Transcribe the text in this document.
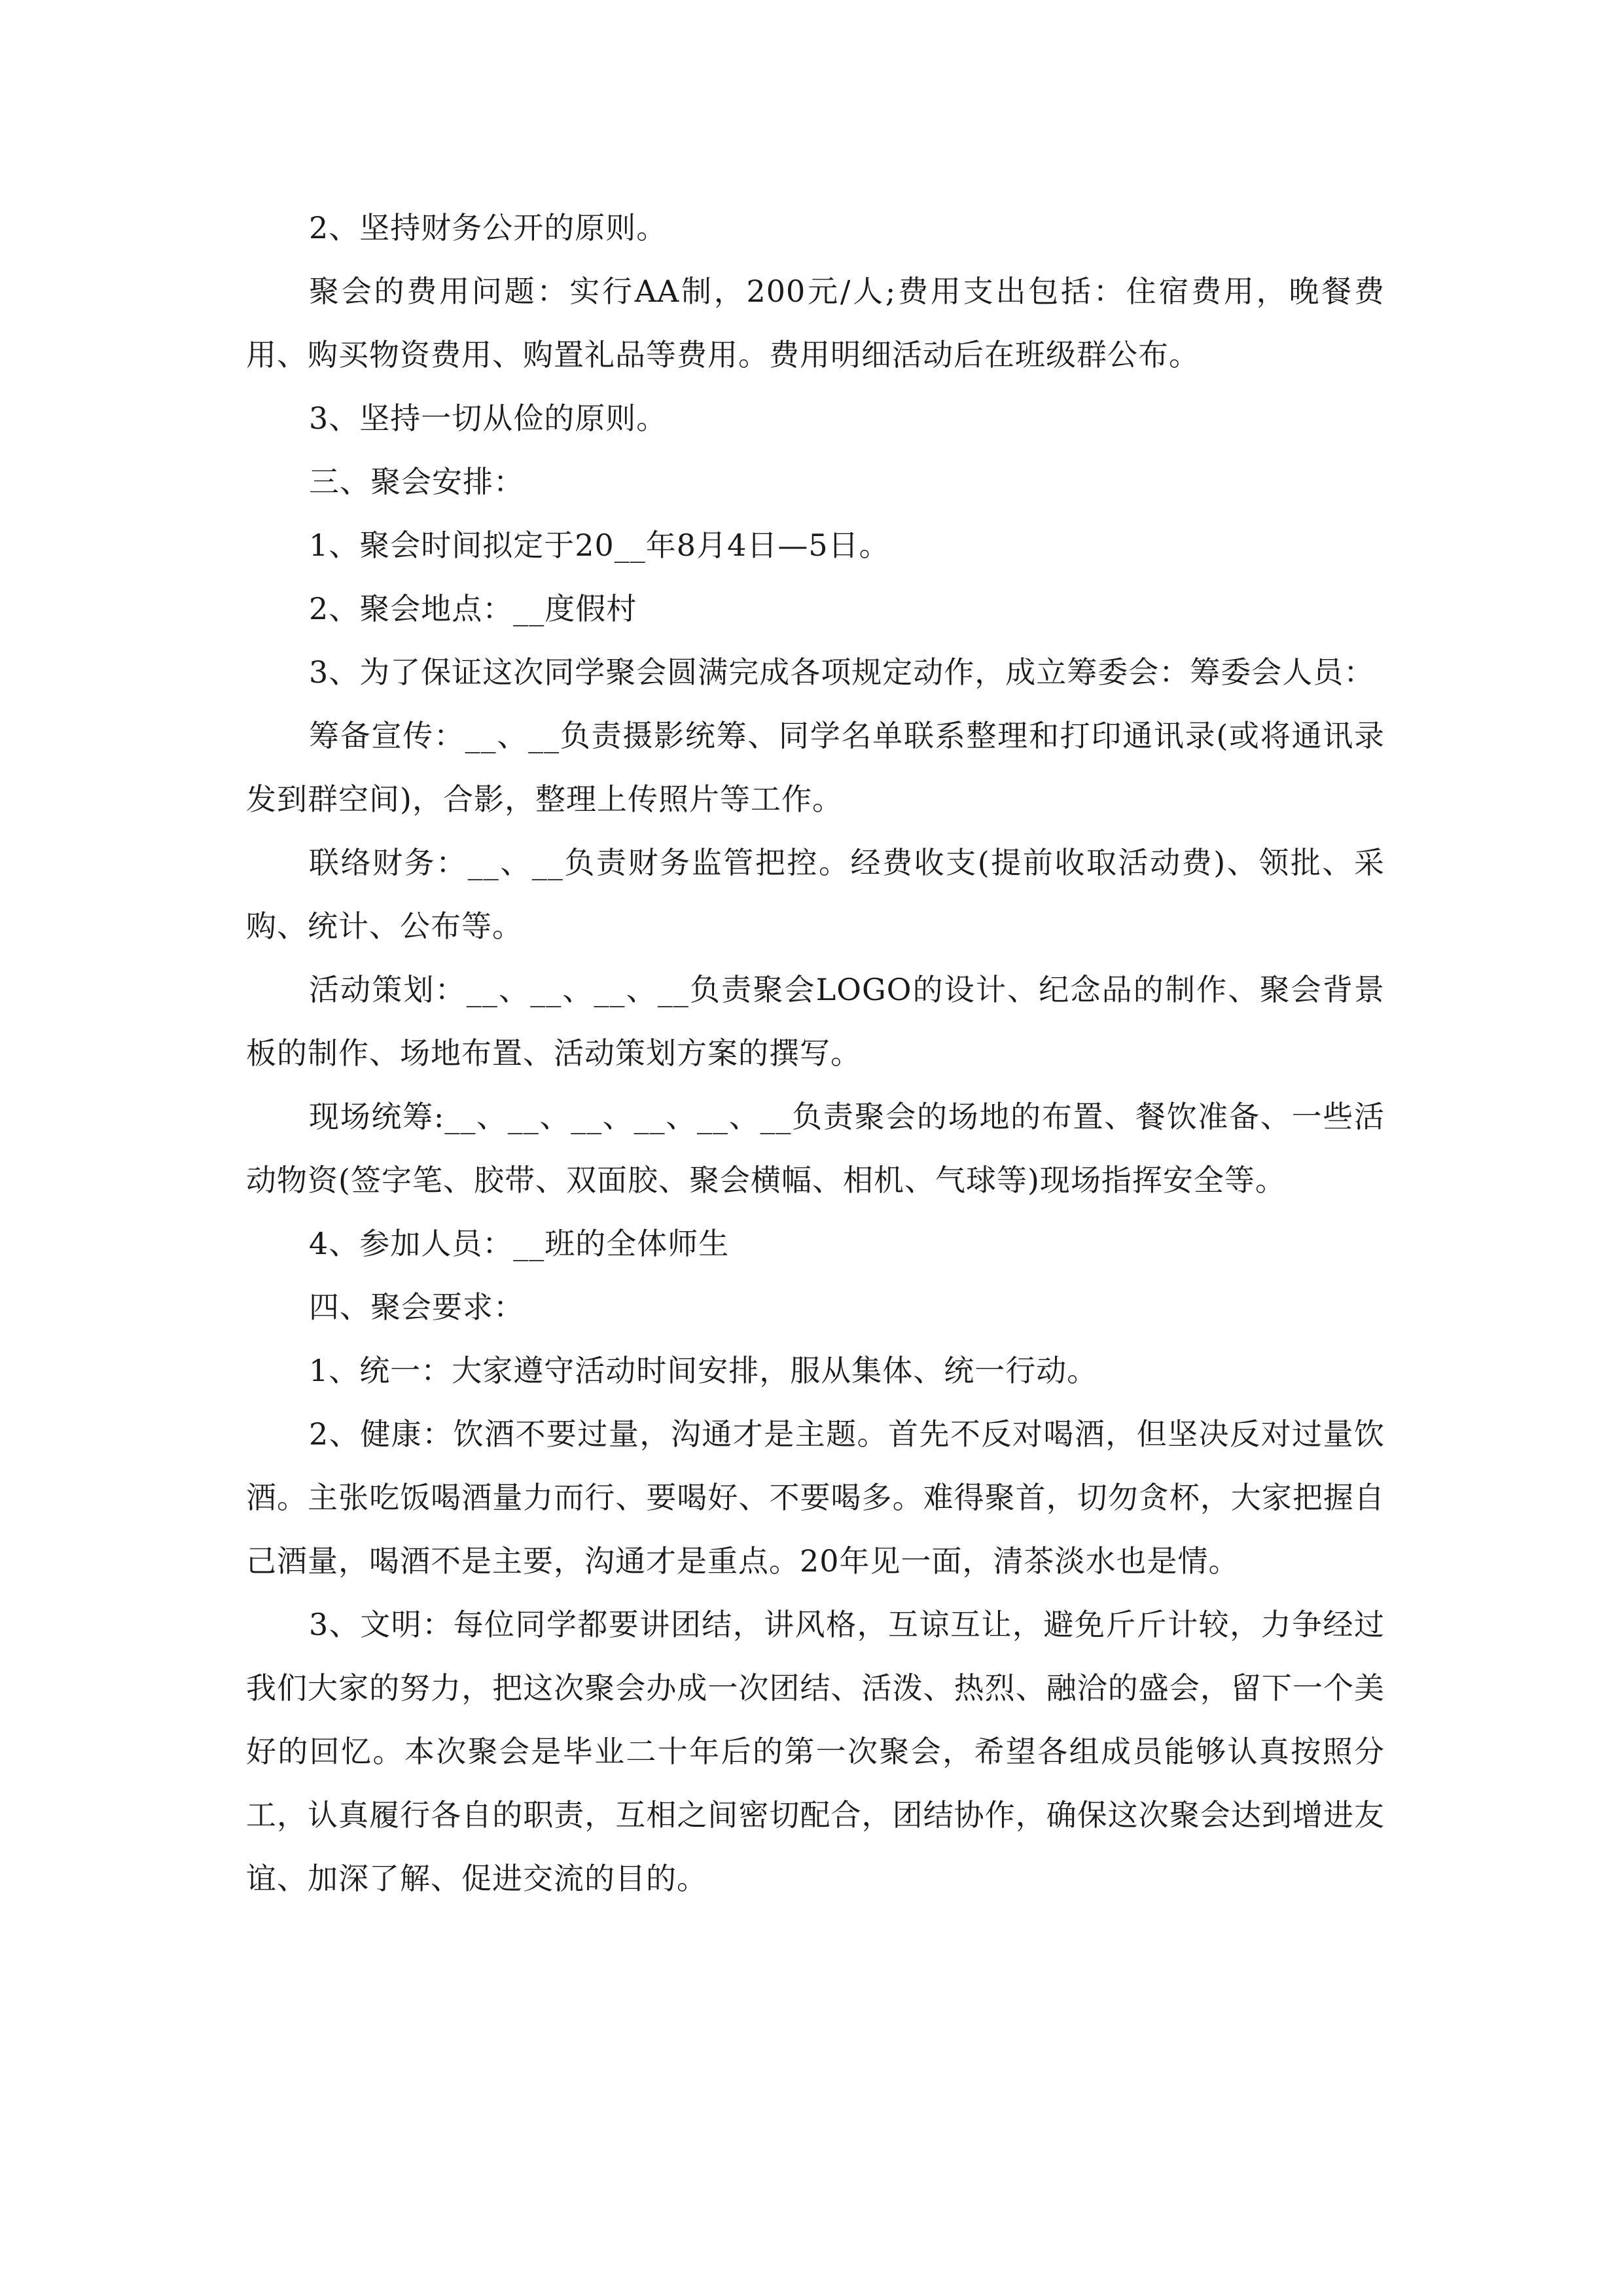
2、坚持财务公开的原则。

聚会的费用问题：实行AA制，200元/人;费用支出包括：住宿费用，晚餐费用、购买物资费用、购置礼品等费用。费用明细活动后在班级群公布。

3、坚持一切从俭的原则。

三、聚会安排：

1、聚会时间拟定于20__年8月4日—5日。

2、聚会地点：__度假村

3、为了保证这次同学聚会圆满完成各项规定动作，成立筹委会：筹委会人员：

筹备宣传：__、__负责摄影统筹、同学名单联系整理和打印通讯录(或将通讯录发到群空间)，合影，整理上传照片等工作。

联络财务：__、__负责财务监管把控。经费收支(提前收取活动费)、领批、采购、统计、公布等。

活动策划：__、__、__、__负责聚会LOGO的设计、纪念品的制作、聚会背景板的制作、场地布置、活动策划方案的撰写。

现场统筹:__、__、__、__、__、__负责聚会的场地的布置、餐饮准备、一些活动物资(签字笔、胶带、双面胶、聚会横幅、相机、气球等)现场指挥安全等。

4、参加人员：__班的全体师生

四、聚会要求：

1、统一：大家遵守活动时间安排，服从集体、统一行动。

2、健康：饮酒不要过量，沟通才是主题。首先不反对喝酒，但坚决反对过量饮酒。主张吃饭喝酒量力而行、要喝好、不要喝多。难得聚首，切勿贪杯，大家把握自己酒量，喝酒不是主要，沟通才是重点。20年见一面，清茶淡水也是情。

3、文明：每位同学都要讲团结，讲风格，互谅互让，避免斤斤计较，力争经过我们大家的努力，把这次聚会办成一次团结、活泼、热烈、融洽的盛会，留下一个美好的回忆。本次聚会是毕业二十年后的第一次聚会，希望各组成员能够认真按照分工，认真履行各自的职责，互相之间密切配合，团结协作，确保这次聚会达到增进友谊、加深了解、促进交流的目的。
